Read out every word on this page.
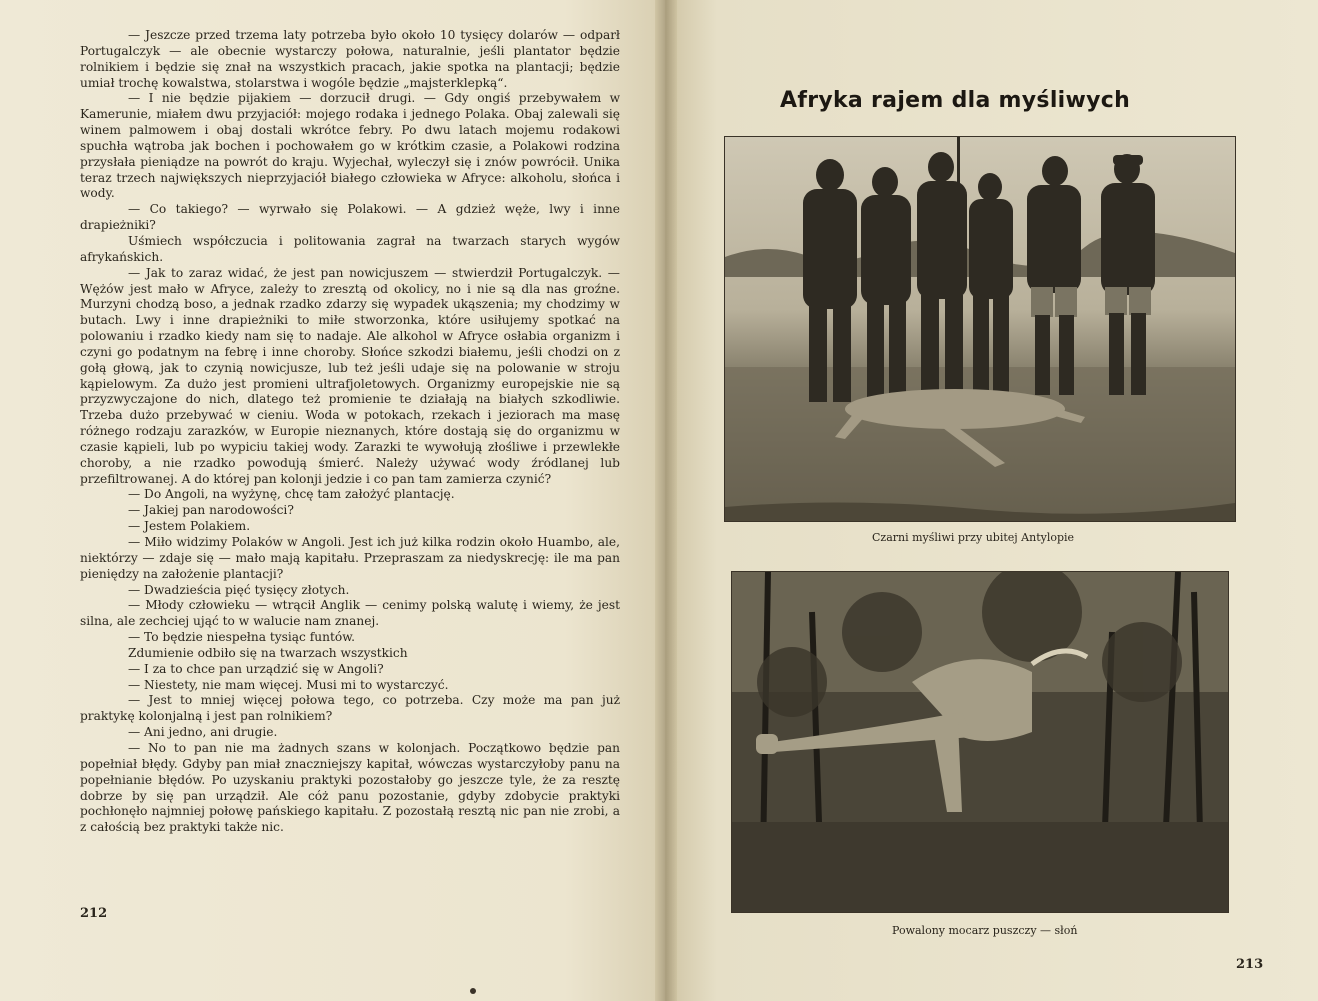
— Jeszcze przed trzema laty potrzeba było około 10 tysięcy dolarów — odparł Portugalczyk — ale obecnie wystarczy połowa, naturalnie, jeśli plantator będzie rolnikiem i będzie się znał na wszystkich pracach, jakie spotka na plantacji; będzie umiał trochę kowalstwa, stolarstwa i wogóle będzie „majsterklepką“.

— I nie będzie pijakiem — dorzucił drugi. — Gdy ongiś przebywałem w Kamerunie, miałem dwu przyjaciół: mojego rodaka i jednego Polaka. Obaj zalewali się winem palmowem i obaj dostali wkrótce febry. Po dwu latach mojemu rodakowi spuchła wątroba jak bochen i pochowałem go w krótkim czasie, a Polakowi rodzina przysłała pieniądze na powrót do kraju. Wyjechał, wyleczył się i znów powrócił. Unika teraz trzech największych nieprzyjaciół białego człowieka w Afryce: alkoholu, słońca i wody.

— Co takiego? — wyrwało się Polakowi. — A gdzież węże, lwy i inne drapieżniki?

Uśmiech współczucia i politowania zagrał na twarzach starych wygów afrykańskich.

— Jak to zaraz widać, że jest pan nowicjuszem — stwierdził Portugalczyk. — Wężów jest mało w Afryce, zależy to zresztą od okolicy, no i nie są dla nas groźne. Murzyni chodzą boso, a jednak rzadko zdarzy się wypadek ukąszenia; my chodzimy w butach. Lwy i inne drapieżniki to miłe stworzonka, które usiłujemy spotkać na polowaniu i rzadko kiedy nam się to nadaje. Ale alkohol w Afryce osłabia organizm i czyni go podatnym na febrę i inne choroby. Słońce szkodzi białemu, jeśli chodzi on z gołą głową, jak to czynią nowicjusze, lub też jeśli udaje się na polowanie w stroju kąpielowym. Za dużo jest promieni ultrafjoletowych. Organizmy europejskie nie są przyzwyczajone do nich, dlatego też promienie te działają na białych szkodliwie. Trzeba dużo przebywać w cieniu. Woda w potokach, rzekach i jeziorach ma masę różnego rodzaju zarazków, w Europie nieznanych, które dostają się do organizmu w czasie kąpieli, lub po wypiciu takiej wody. Zarazki te wywołują złośliwe i przewlekłe choroby, a nie rzadko powodują śmierć. Należy używać wody źródlanej lub przefiltrowanej. A do której pan kolonji jedzie i co pan tam zamierza czynić?

— Do Angoli, na wyżynę, chcę tam założyć plantację.

— Jakiej pan narodowości?

— Jestem Polakiem.

— Miło widzimy Polaków w Angoli. Jest ich już kilka rodzin około Huambo, ale, niektórzy — zdaje się — mało mają kapitału. Przepraszam za niedyskrecję: ile ma pan pieniędzy na założenie plantacji?

— Dwadzieścia pięć tysięcy złotych.

— Młody człowieku — wtrącił Anglik — cenimy polską walutę i wiemy, że jest silna, ale zechciej ująć to w walucie nam znanej.

— To będzie niespełna tysiąc funtów.

Zdumienie odbiło się na twarzach wszystkich

— I za to chce pan urządzić się w Angoli?

— Niestety, nie mam więcej. Musi mi to wystarczyć.

— Jest to mniej więcej połowa tego, co potrzeba. Czy może ma pan już praktykę kolonjalną i jest pan rolnikiem?

— Ani jedno, ani drugie.

— No to pan nie ma żadnych szans w kolonjach. Początkowo będzie pan popełniał błędy. Gdyby pan miał znaczniejszy kapitał, wówczas wystarczyłoby panu na popełnianie błędów. Po uzyskaniu praktyki pozostałoby go jeszcze tyle, że za resztę dobrze by się pan urządził. Ale cóż panu pozostanie, gdyby zdobycie praktyki pochłonęło najmniej połowę pańskiego kapitału. Z pozostałą resztą nic pan nie zrobi, a z całością bez praktyki także nic.

212
Afryka rajem dla myśliwych
Czarni myśliwi przy ubitej Antylopie
Powalony mocarz puszczy — słoń
213
